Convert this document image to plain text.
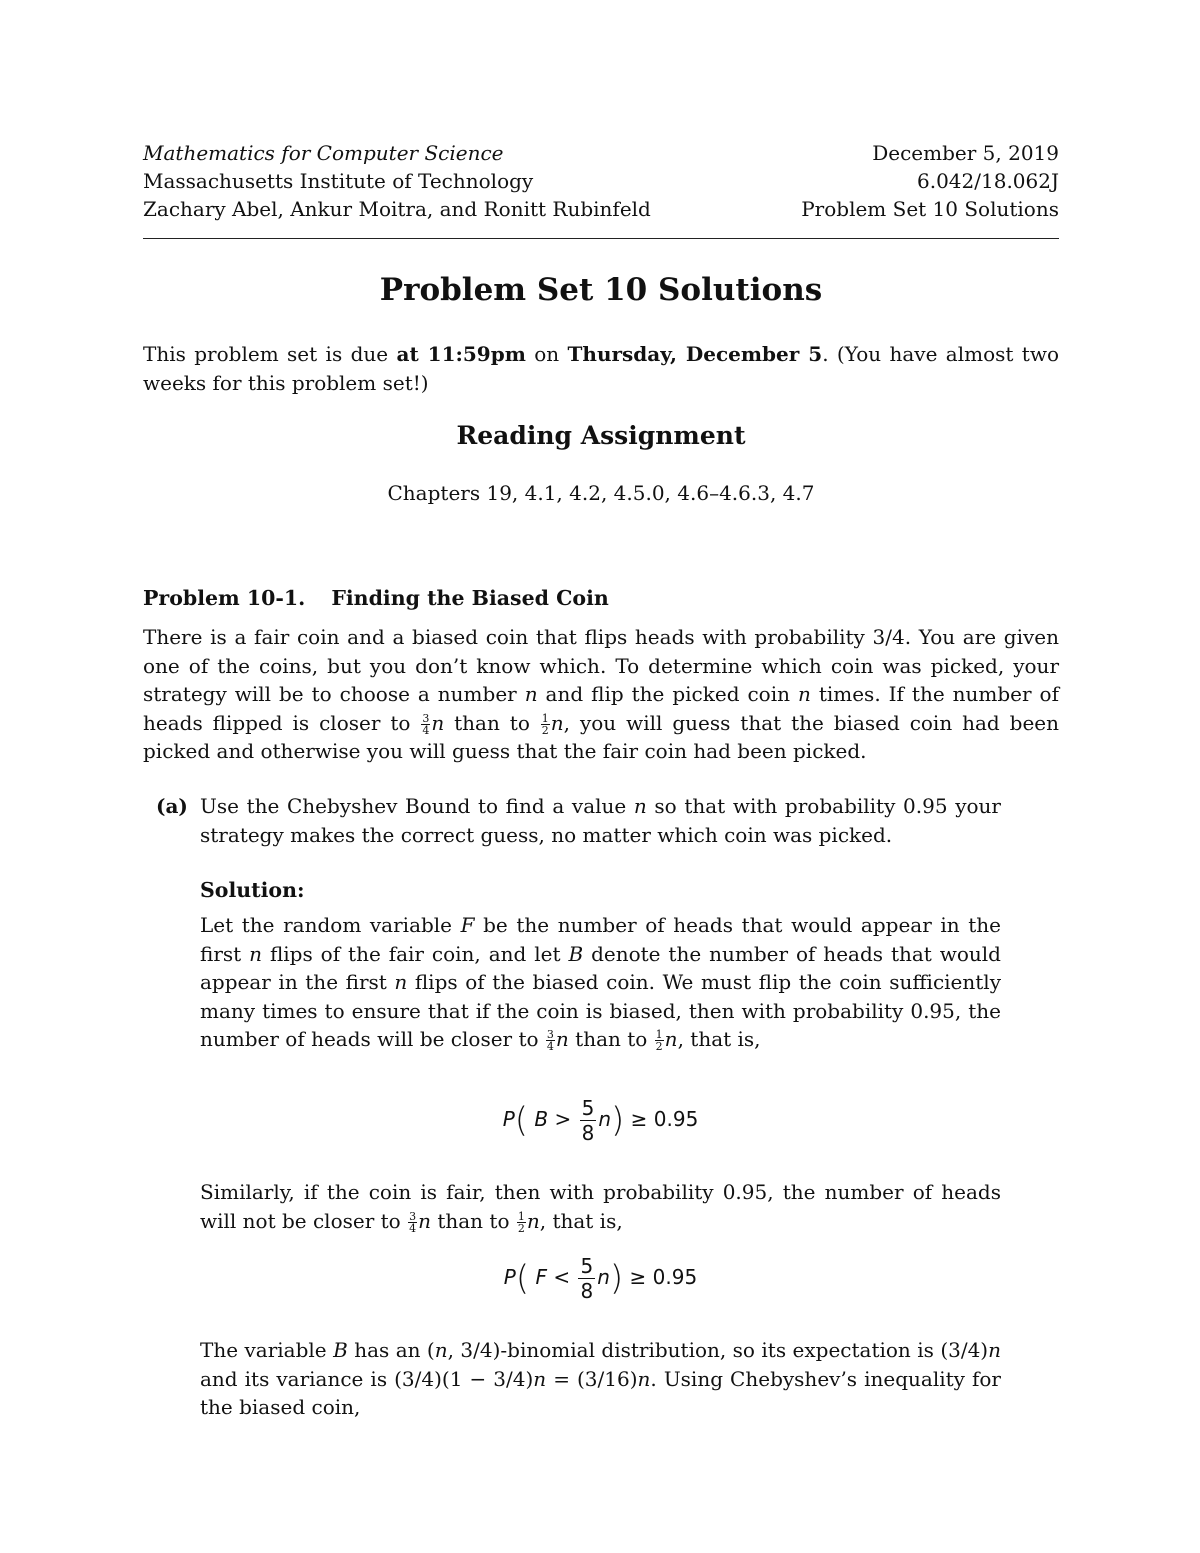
Mathematics for Computer Science	December 5, 2019
Massachusetts Institute of Technology	6.042/18.062J
Zachary Abel, Ankur Moitra, and Ronitt Rubinfeld	Problem Set 10 Solutions
Problem Set 10 Solutions
This problem set is due at 11:59pm on Thursday, December 5. (You have almost two weeks for this problem set!)
Reading Assignment
Chapters 19, 4.1, 4.2, 4.5.0, 4.6–4.6.3, 4.7
Problem 10-1. Finding the Biased Coin
There is a fair coin and a biased coin that flips heads with probability 3/4. You are given one of the coins, but you don’t know which. To determine which coin was picked, your strategy will be to choose a number n and flip the picked coin n times. If the number of heads flipped is closer to $\frac{3}{4}$ n than to $\frac{1}{2} n$, you will guess that the biased coin had been picked and otherwise you will guess that the fair coin had been picked.
(a) Use the Chebyshev Bound to find a value n so that with probability 0.95 your strategy makes the correct guess, no matter which coin was picked.
Solution:
Let the random variable F be the number of heads that would appear in the first n flips of the fair coin, and let B denote the number of heads that would appear in the first n flips of the biased coin. We must flip the coin sufficiently many times to ensure that if the coin is biased, then with probability 0.95, the number of heads will be closer to $\frac{3}{4}$ n than to $\frac{1}{2} n$, that is,
P( $B > \frac{5}{8} n) \ge 0.95$
Similarly, if the coin is fair, then with probability 0.95, the number of heads will not be closer to $\frac{3}{4}$ n than to $\frac{1}{2} n$, that is,
P( $F < \frac{5}{8} n) \ge 0.95$
The variable B has an (n, 3/4)-binomial distribution, so its expectation is (3/4)n and its variance is (3/4)(1 − 3/4)n = (3/16)n. Using Chebyshev’s inequality for the biased coin,
